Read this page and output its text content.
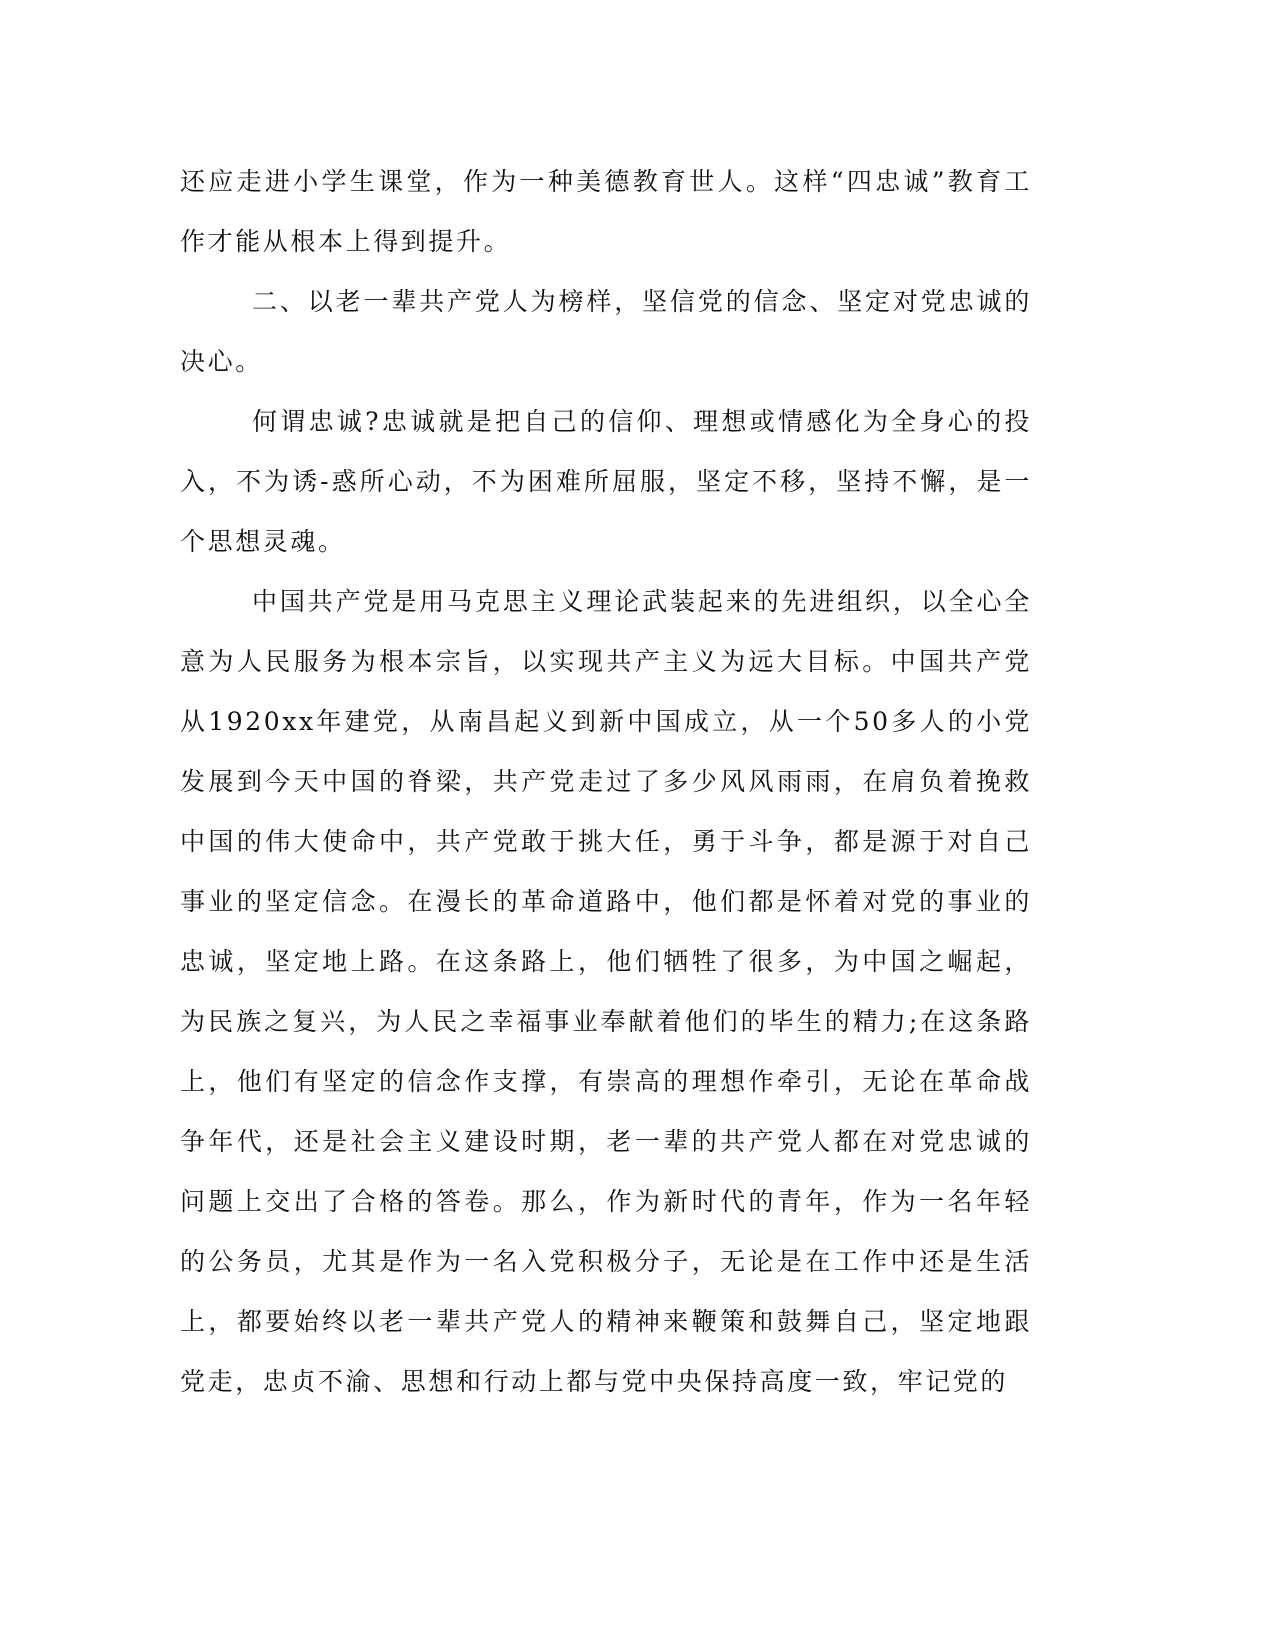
还应走进小学生课堂，作为一种美德教育世人。这样“四忠诚”教育工作才能从根本上得到提升。

二、以老一辈共产党人为榜样，坚信党的信念、坚定对党忠诚的决心。

何谓忠诚?忠诚就是把自己的信仰、理想或情感化为全身心的投入，不为诱-惑所心动，不为困难所屈服，坚定不移，坚持不懈，是一个思想灵魂。

中国共产党是用马克思主义理论武装起来的先进组织，以全心全意为人民服务为根本宗旨，以实现共产主义为远大目标。中国共产党从1920xx年建党，从南昌起义到新中国成立，从一个50多人的小党发展到今天中国的脊梁，共产党走过了多少风风雨雨，在肩负着挽救中国的伟大使命中，共产党敢于挑大任，勇于斗争，都是源于对自己事业的坚定信念。在漫长的革命道路中，他们都是怀着对党的事业的忠诚，坚定地上路。在这条路上，他们牺牲了很多，为中国之崛起，为民族之复兴，为人民之幸福事业奉献着他们的毕生的精力;在这条路上，他们有坚定的信念作支撑，有崇高的理想作牵引，无论在革命战争年代，还是社会主义建设时期，老一辈的共产党人都在对党忠诚的问题上交出了合格的答卷。那么，作为新时代的青年，作为一名年轻的公务员，尤其是作为一名入党积极分子，无论是在工作中还是生活上，都要始终以老一辈共产党人的精神来鞭策和鼓舞自己，坚定地跟党走，忠贞不渝、思想和行动上都与党中央保持高度一致，牢记党的
